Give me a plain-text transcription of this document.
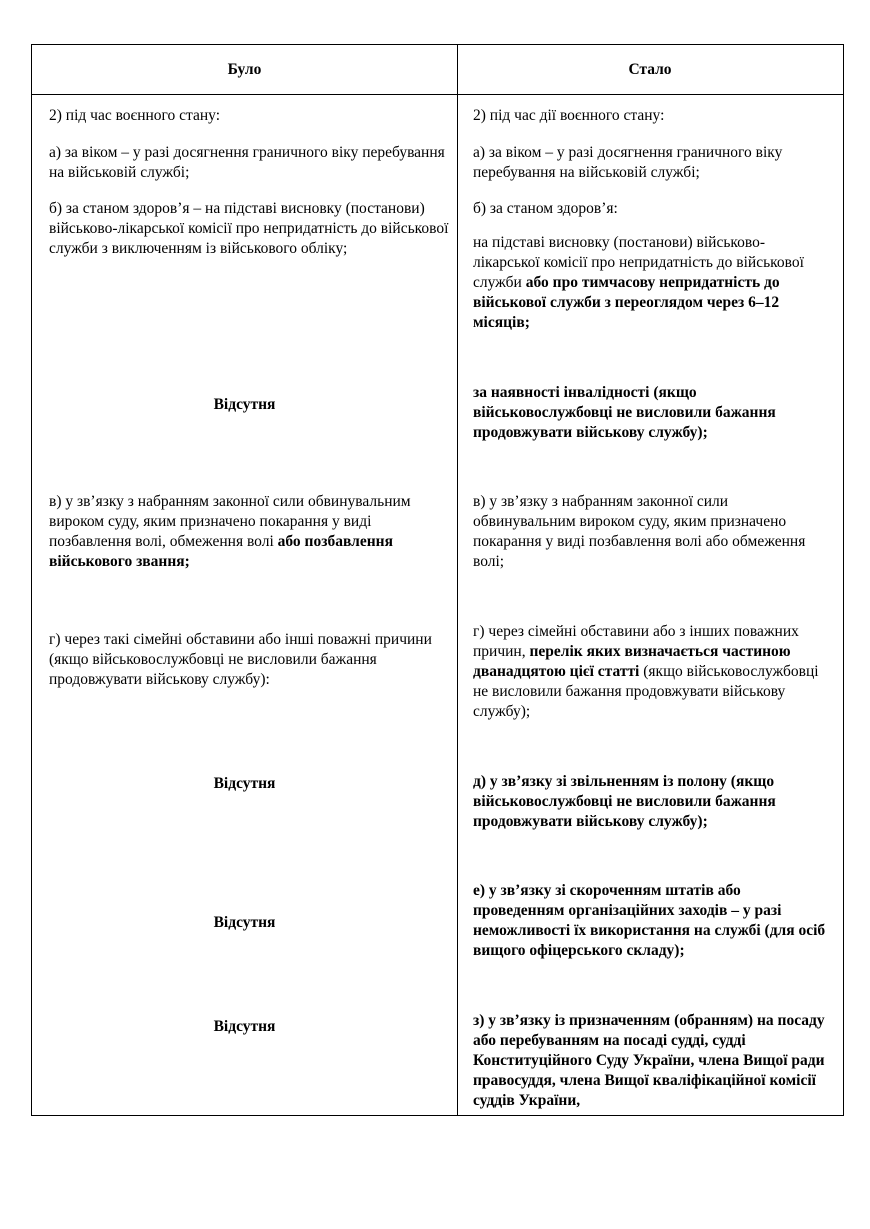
Було	Стало
2) під час воєнного стану:
а) за віком – у разі досягнення граничного віку перебування на військовій службі;
б) за станом здоров’я – на підставі висновку (постанови) військово-лікарської комісії про непридатність до військової служби з виключенням із військового обліку;
Відсутня
в) у зв’язку з набранням законної сили обвинувальним вироком суду, яким призначено покарання у виді позбавлення волі, обмеження волі або позбавлення військового звання;
г) через такі сімейні обставини або інші поважні причини (якщо військовослужбовці не висловили бажання продовжувати військову службу):
Відсутня
Відсутня
Відсутня
2) під час дії воєнного стану:
а) за віком – у разі досягнення граничного віку перебування на військовій службі;
б) за станом здоров’я:
на підставі висновку (постанови) військово-лікарської комісії про непридатність до військової служби або про тимчасову непридатність до військової служби з переоглядом через 6–12 місяців;
за наявності інвалідності (якщо військовослужбовці не висловили бажання продовжувати військову службу);
в) у зв’язку з набранням законної сили обвинувальним вироком суду, яким призначено покарання у виді позбавлення волі або обмеження волі;
г) через сімейні обставини або з інших поважних причин, перелік яких визначається частиною дванадцятою цієї статті (якщо військовослужбовці не висловили бажання продовжувати військову службу);
д) у зв’язку зі звільненням із полону (якщо військовослужбовці не висловили бажання продовжувати військову службу);
е) у зв’язку зі скороченням штатів або проведенням організаційних заходів – у разі неможливості їх використання на службі (для осіб вищого офіцерського складу);
з) у зв’язку із призначенням (обранням) на посаду або перебуванням на посаді судді, судді Конституційного Суду України, члена Вищої ради правосуддя, члена Вищої кваліфікаційної комісії суддів України,
